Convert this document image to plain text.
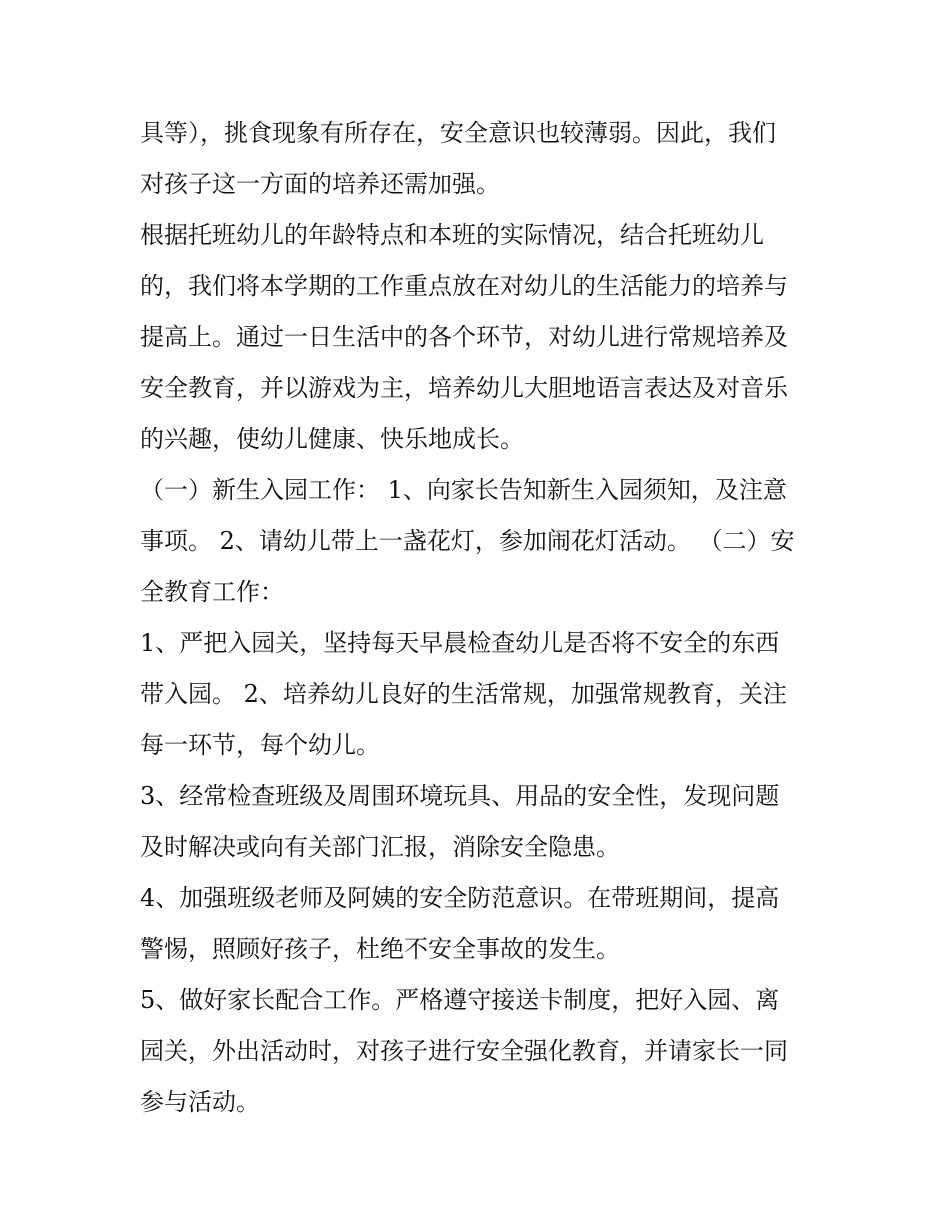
具等），挑食现象有所存在，安全意识也较薄弱。因此，我们
对孩子这一方面的培养还需加强。
根据托班幼儿的年龄特点和本班的实际情况，结合托班幼儿
的，我们将本学期的工作重点放在对幼儿的生活能力的培养与
提高上。通过一日生活中的各个环节，对幼儿进行常规培养及
安全教育，并以游戏为主，培养幼儿大胆地语言表达及对音乐
的兴趣，使幼儿健康、快乐地成长。
（一）新生入园工作： 1、向家长告知新生入园须知，及注意
事项。 2、请幼儿带上一盏花灯，参加闹花灯活动。 （二）安
全教育工作：
1、严把入园关，坚持每天早晨检查幼儿是否将不安全的东西
带入园。 2、培养幼儿良好的生活常规，加强常规教育，关注
每一环节，每个幼儿。
3、经常检查班级及周围环境玩具、用品的安全性，发现问题
及时解决或向有关部门汇报，消除安全隐患。
4、加强班级老师及阿姨的安全防范意识。在带班期间，提高
警惕，照顾好孩子，杜绝不安全事故的发生。
5、做好家长配合工作。严格遵守接送卡制度，把好入园、离
园关，外出活动时，对孩子进行安全强化教育，并请家长一同
参与活动。
